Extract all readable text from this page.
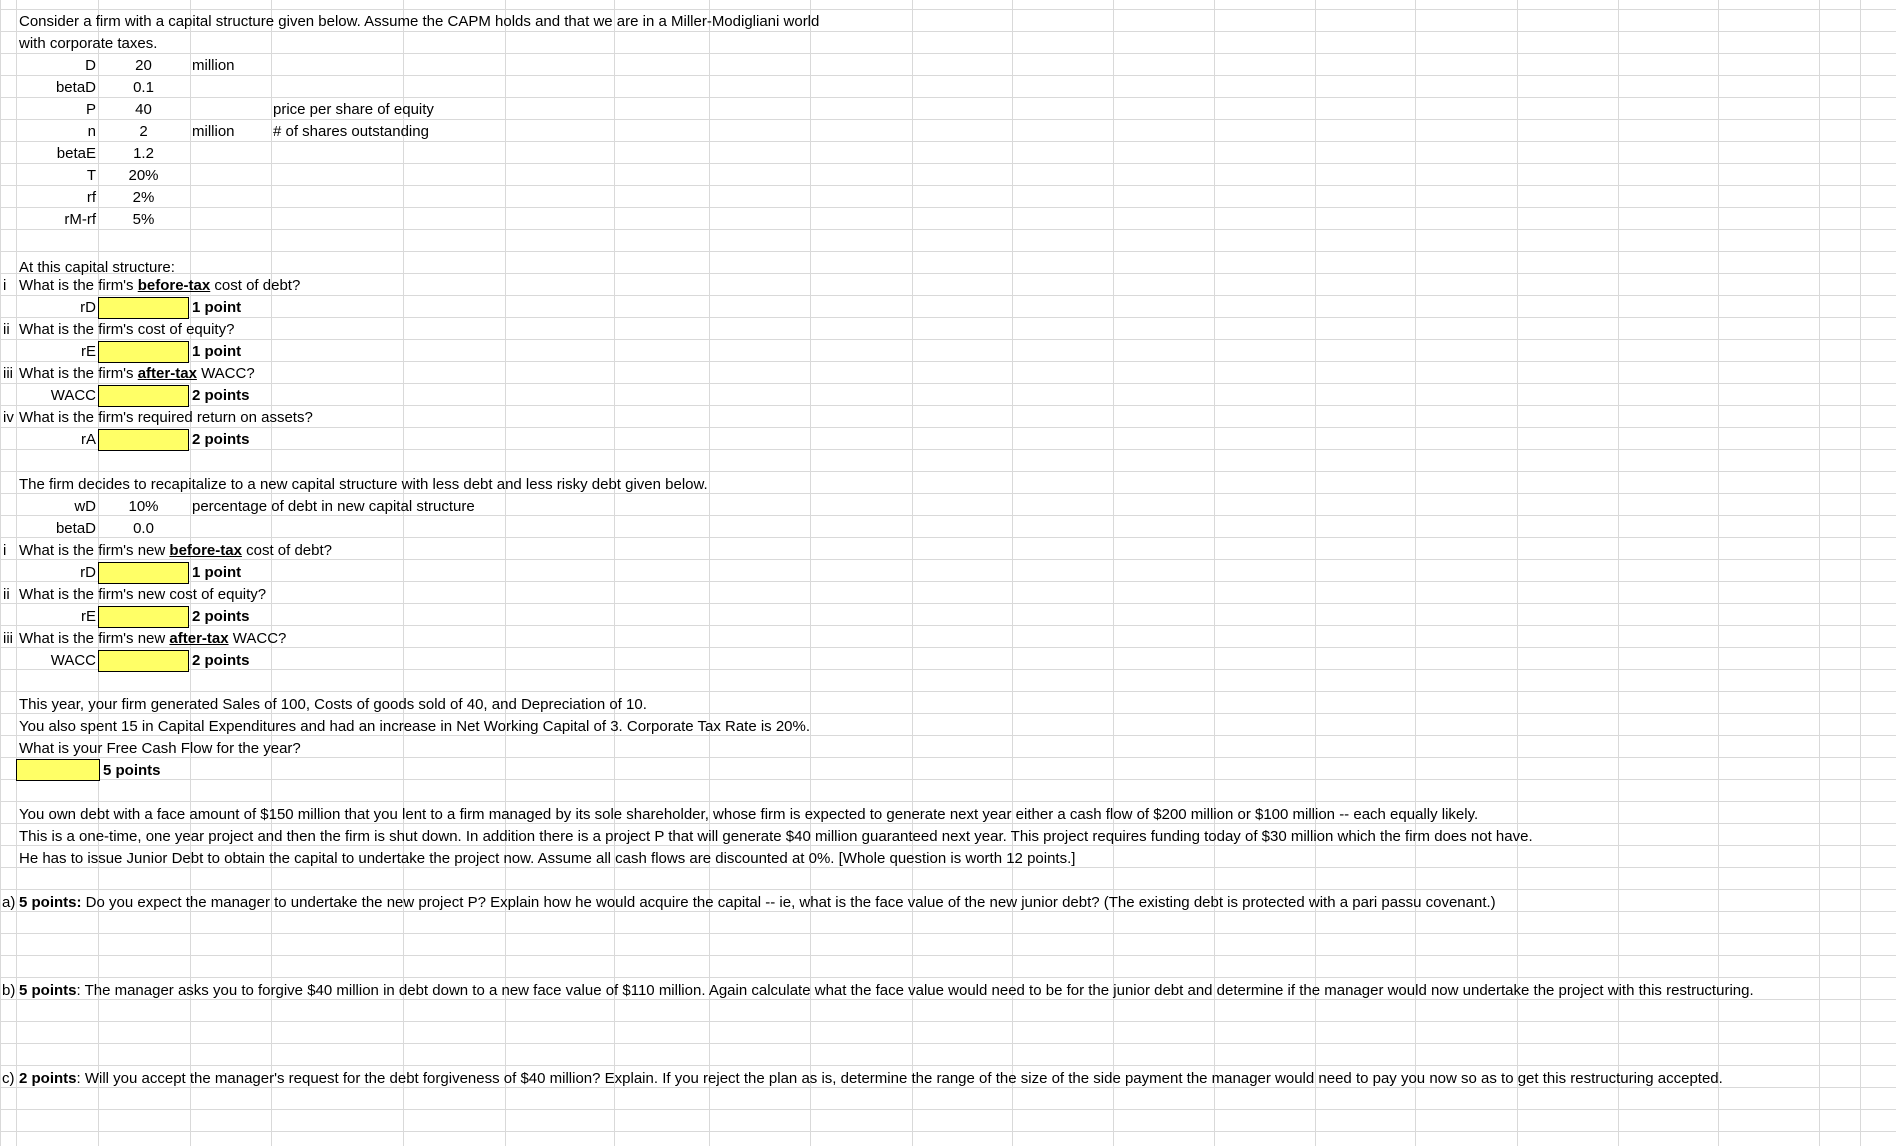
Consider a firm with a capital structure given below. Assume the CAPM holds and that we are in a Miller-Modigliani world
with corporate taxes.
D	20	million
betaD	0.1
P	40	price per share of equity
n	2	million	# of shares outstanding
betaE	1.2
T	20%
rf	2%
rM-rf	5%
At this capital structure:
i What is the firm's before-tax cost of debt?
rD	1 point
ii What is the firm's cost of equity?
rE	1 point
iii What is the firm's after-tax WACC?
WACC	2 points
iv What is the firm's required return on assets?
rA	2 points
The firm decides to recapitalize to a new capital structure with less debt and less risky debt given below.
wD	10%	percentage of debt in new capital structure
betaD	0.0
i What is the firm's new before-tax cost of debt?
rD	1 point
ii What is the firm's new cost of equity?
rE	2 points
iii What is the firm's new after-tax WACC?
WACC	2 points
This year, your firm generated Sales of 100, Costs of goods sold of 40, and Depreciation of 10.
You also spent 15 in Capital Expenditures and had an increase in Net Working Capital of 3. Corporate Tax Rate is 20%.
What is your Free Cash Flow for the year?
5 points
You own debt with a face amount of $150 million that you lent to a firm managed by its sole shareholder, whose firm is expected to generate next year either a cash flow of $200 million or $100 million -- each equally likely.
This is a one-time, one year project and then the firm is shut down. In addition there is a project P that will generate $40 million guaranteed next year. This project requires funding today of $30 million which the firm does not have.
He has to issue Junior Debt to obtain the capital to undertake the project now. Assume all cash flows are discounted at 0%. [Whole question is worth 12 points.]
a) 5 points: Do you expect the manager to undertake the new project P? Explain how he would acquire the capital -- ie, what is the face value of the new junior debt? (The existing debt is protected with a pari passu covenant.)
b) 5 points: The manager asks you to forgive $40 million in debt down to a new face value of $110 million. Again calculate what the face value would need to be for the junior debt and determine if the manager would now undertake the project with this restructuring.
c) 2 points: Will you accept the manager's request for the debt forgiveness of $40 million? Explain. If you reject the plan as is, determine the range of the size of the side payment the manager would need to pay you now so as to get this restructuring accepted.
